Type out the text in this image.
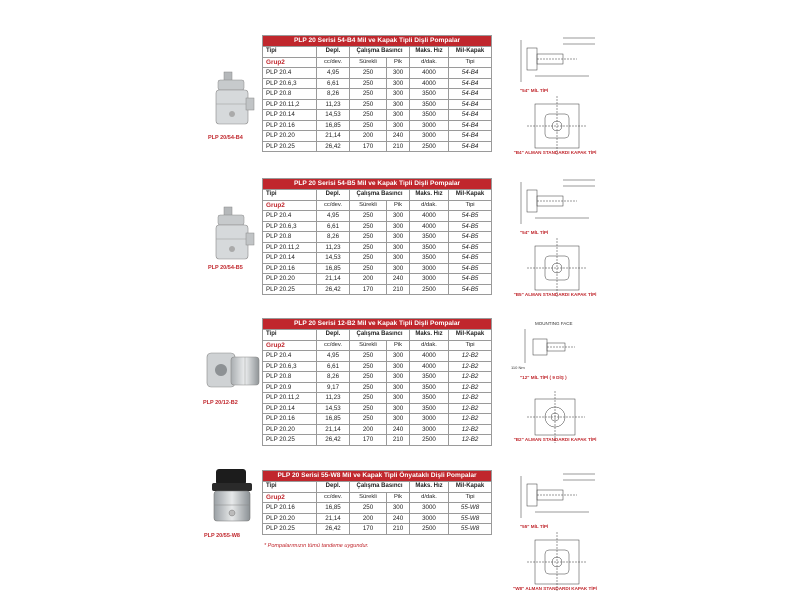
PLP 20/54-B4
PLP 20 Serisi 54-B4 Mil ve Kapak Tipli Dişli Pompalar					
Tipi	Depl.	Çalışma Basıncı		Maks. Hız	Mil-Kapak
Grup2	cc/dev.	Sürekli	Pik	d/dak.	Tipi
PLP 20.4	4,95	250	300	4000	54-B4
PLP 20.6,3	6,61	250	300	4000	54-B4
PLP 20.8	8,26	250	300	3500	54-B4
PLP 20.11,2	11,23	250	300	3500	54-B4
PLP 20.14	14,53	250	300	3500	54-B4
PLP 20.16	16,85	250	300	3000	54-B4
PLP 20.20	21,14	200	240	3000	54-B4
PLP 20.25	26,42	170	210	2500	54-B4
"54" MİL TİPİ
"B4" ALMAN STANDARDI KAPAK TİPİ
PLP 20/54-B5
PLP 20 Serisi 54-B5 Mil ve Kapak Tipli Dişli Pompalar					
Tipi	Depl.	Çalışma Basıncı		Maks. Hız	Mil-Kapak
Grup2	cc/dev.	Sürekli	Pik	d/dak.	Tipi
PLP 20.4	4,95	250	300	4000	54-B5
PLP 20.6,3	6,61	250	300	4000	54-B5
PLP 20.8	8,26	250	300	3500	54-B5
PLP 20.11,2	11,23	250	300	3500	54-B5
PLP 20.14	14,53	250	300	3500	54-B5
PLP 20.16	16,85	250	300	3000	54-B5
PLP 20.20	21,14	200	240	3000	54-B5
PLP 20.25	26,42	170	210	2500	54-B5
"54" MİL TİPİ
"B5" ALMAN STANDARDI KAPAK TİPİ
PLP 20/12-B2
PLP 20 Serisi 12-B2 Mil ve Kapak Tipli Dişli Pompalar					
Tipi	Depl.	Çalışma Basıncı		Maks. Hız	Mil-Kapak
Grup2	cc/dev.	Sürekli	Pik	d/dak.	Tipi
PLP 20.4	4,95	250	300	4000	12-B2
PLP 20.6,3	6,61	250	300	4000	12-B2
PLP 20.8	8,26	250	300	3500	12-B2
PLP 20.9	9,17	250	300	3500	12-B2
PLP 20.11,2	11,23	250	300	3500	12-B2
PLP 20.14	14,53	250	300	3500	12-B2
PLP 20.16	16,85	250	300	3000	12-B2
PLP 20.20	21,14	200	240	3000	12-B2
PLP 20.25	26,42	170	210	2500	12-B2
MOUNTING FACE
110 Nm
"12" MİL TİPİ ( 9 DİŞ )
"B2" ALMAN STANDARDI KAPAK TİPİ
PLP 20/55-W8
PLP 20 Serisi 55-W8 Mil ve Kapak Tipli Önyataklı Dişli Pompalar					
Tipi	Depl.	Çalışma Basıncı		Maks. Hız	Mil-Kapak
Grup2	cc/dev.	Sürekli	Pik	d/dak.	Tipi
PLP 20.16	16,85	250	300	3000	55-W8
PLP 20.20	21,14	200	240	3000	55-W8
PLP 20.25	26,42	170	210	2500	55-W8	"55" MİL TİPİ
"W8" ALMAN STANDARDI KAPAK TİPİ
* Pompalarımızın tümü tandeme uygundur.
